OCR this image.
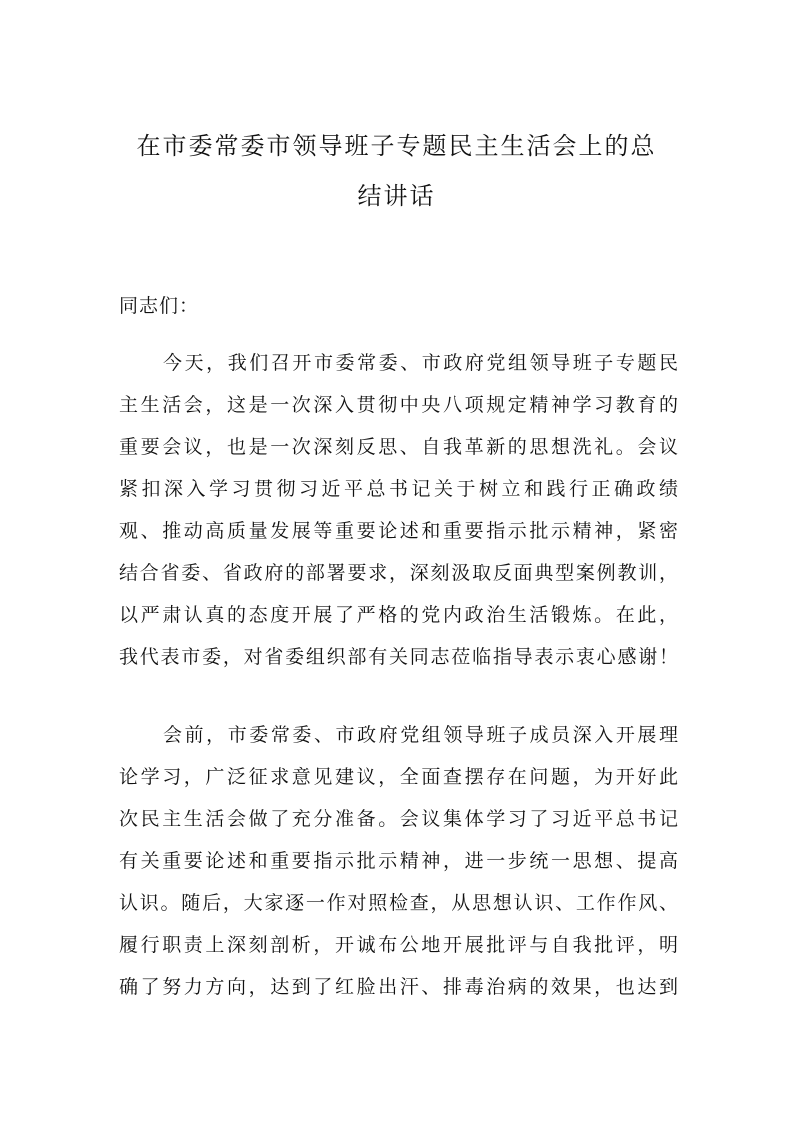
在市委常委市领导班子专题民主生活会上的总
结讲话
同志们：
今天，我们召开市委常委、市政府党组领导班子专题民
主生活会，这是一次深入贯彻中央八项规定精神学习教育的
重要会议，也是一次深刻反思、自我革新的思想洗礼。会议
紧扣深入学习贯彻习近平总书记关于树立和践行正确政绩
观、推动高质量发展等重要论述和重要指示批示精神，紧密
结合省委、省政府的部署要求，深刻汲取反面典型案例教训，
以严肃认真的态度开展了严格的党内政治生活锻炼。在此，
我代表市委，对省委组织部有关同志莅临指导表示衷心感谢！
会前，市委常委、市政府党组领导班子成员深入开展理
论学习，广泛征求意见建议，全面查摆存在问题，为开好此
次民主生活会做了充分准备。会议集体学习了习近平总书记
有关重要论述和重要指示批示精神，进一步统一思想、提高
认识。随后，大家逐一作对照检查，从思想认识、工作作风、
履行职责上深刻剖析，开诚布公地开展批评与自我批评，明
确了努力方向，达到了红脸出汗、排毒治病的效果，也达到
